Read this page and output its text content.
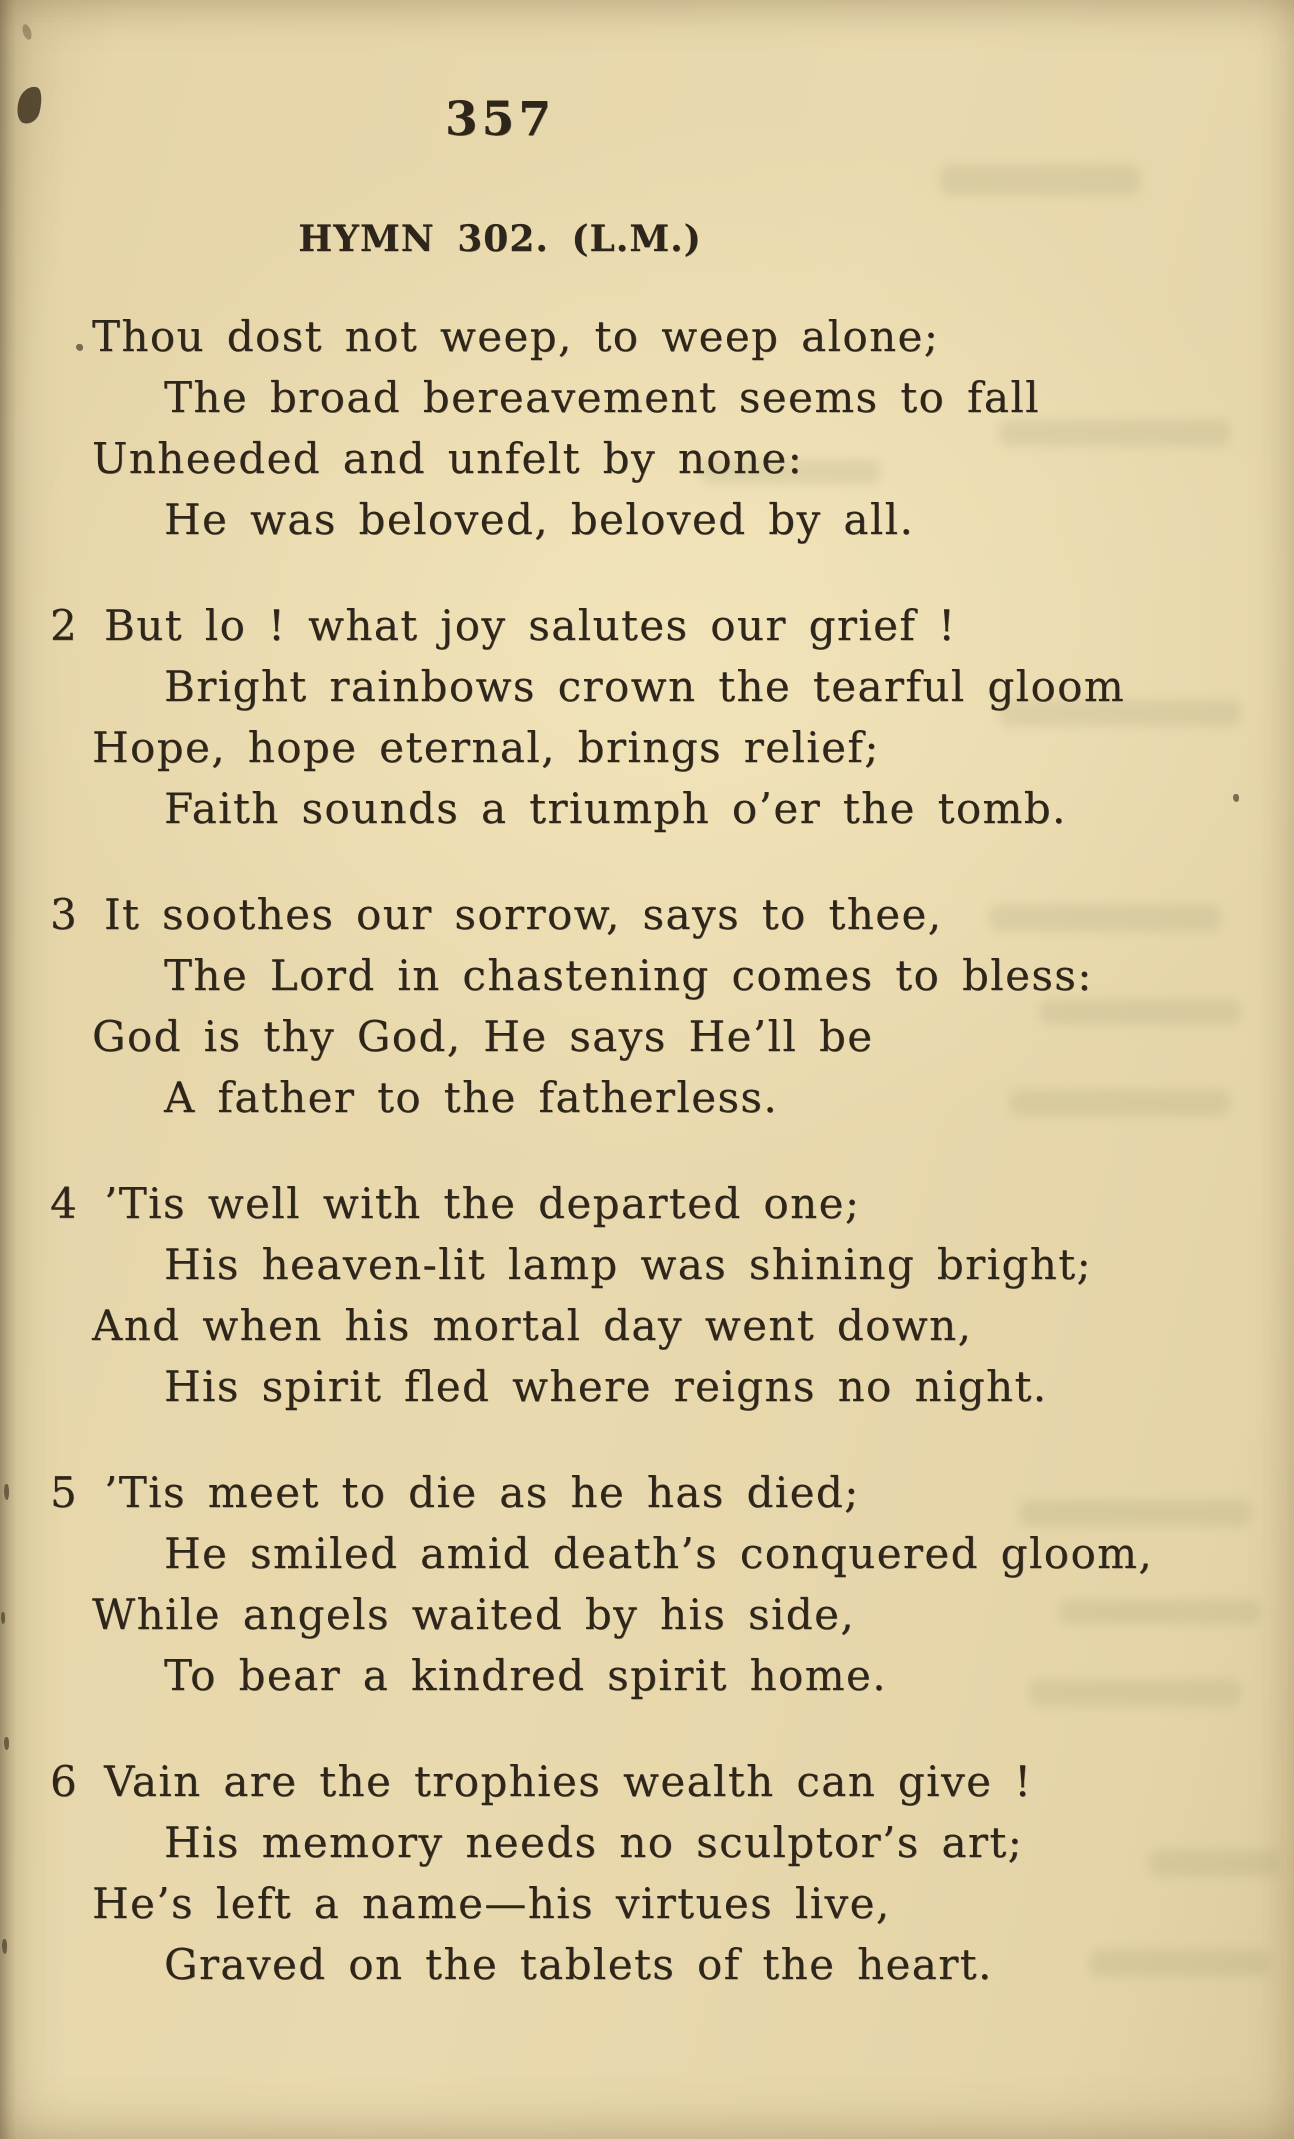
357
HYMN 302. (L.M.)
Thou dost not weep, to weep alone;
The broad bereavement seems to fall
Unheeded and unfelt by none:
He was beloved, beloved by all.
2 But lo ! what joy salutes our grief !
Bright rainbows crown the tearful gloom
Hope, hope eternal, brings relief;
Faith sounds a triumph o’er the tomb.
3 It soothes our sorrow, says to thee,
The Lord in chastening comes to bless:
God is thy God, He says He’ll be
A father to the fatherless.
4 ’Tis well with the departed one;
His heaven-lit lamp was shining bright;
And when his mortal day went down,
His spirit fled where reigns no night.
5 ’Tis meet to die as he has died;
He smiled amid death’s conquered gloom,
While angels waited by his side,
To bear a kindred spirit home.
6 Vain are the trophies wealth can give !
His memory needs no sculptor’s art;
He’s left a name—his virtues live,
Graved on the tablets of the heart.
